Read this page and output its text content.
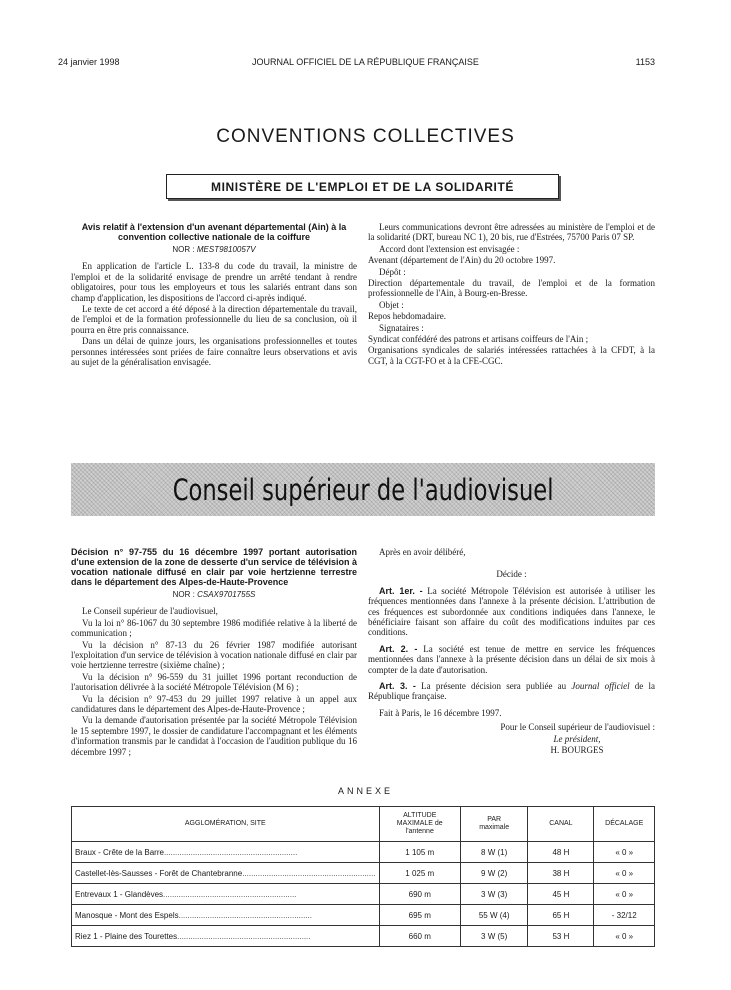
24 janvier 1998	JOURNAL OFFICIEL DE LA RÉPUBLIQUE FRANÇAISE	1153
CONVENTIONS COLLECTIVES
MINISTÈRE DE L'EMPLOI ET DE LA SOLIDARITÉ

Avis relatif à l'extension d'un avenant départemental (Ain) à la convention collective nationale de la coiffure

NOR : MEST9810057V

En application de l'article L. 133-8 du code du travail, la ministre de l'emploi et de la solidarité envisage de prendre un arrêté tendant à rendre obligatoires, pour tous les employeurs et tous les salariés entrant dans son champ d'application, les dispositions de l'accord ci-après indiqué.

Le texte de cet accord a été déposé à la direction départementale du travail, de l'emploi et de la formation professionnelle du lieu de sa conclusion, où il pourra en être pris connaissance.

Dans un délai de quinze jours, les organisations professionnelles et toutes personnes intéressées sont priées de faire connaître leurs observations et avis au sujet de la généralisation envisagée.

Leurs communications devront être adressées au ministère de l'emploi et de la solidarité (DRT, bureau NC 1), 20 bis, rue d'Estrées, 75700 Paris 07 SP.

Accord dont l'extension est envisagée :

Avenant (département de l'Ain) du 20 octobre 1997.

Dépôt :

Direction départementale du travail, de l'emploi et de la formation professionnelle de l'Ain, à Bourg-en-Bresse.

Objet :

Repos hebdomadaire.

Signataires :

Syndicat confédéré des patrons et artisans coiffeurs de l'Ain ;

Organisations syndicales de salariés intéressées rattachées à la CFDT, à la CGT, à la CGT-FO et à la CFE-CGC.

Conseil supérieur de l'audiovisuel

Décision n° 97-755 du 16 décembre 1997 portant autorisation d'une extension de la zone de desserte d'un service de télévision à vocation nationale diffusé en clair par voie hertzienne terrestre dans le département des Alpes-de-Haute-Provence

NOR : CSAX9701755S

Le Conseil supérieur de l'audiovisuel,

Vu la loi n° 86-1067 du 30 septembre 1986 modifiée relative à la liberté de communication ;

Vu la décision n° 87-13 du 26 février 1987 modifiée autorisant l'exploitation d'un service de télévision à vocation nationale diffusé en clair par voie hertzienne terrestre (sixième chaîne) ;

Vu la décision n° 96-559 du 31 juillet 1996 portant reconduction de l'autorisation délivrée à la société Métropole Télévision (M 6) ;

Vu la décision n° 97-453 du 29 juillet 1997 relative à un appel aux candidatures dans le département des Alpes-de-Haute-Provence ;

Vu la demande d'autorisation présentée par la société Métropole Télévision le 15 septembre 1997, le dossier de candidature l'accompagnant et les éléments d'information transmis par le candidat à l'occasion de l'audition publique du 16 décembre 1997 ;

Après en avoir délibéré,

Décide :

Art. 1er. - La société Métropole Télévision est autorisée à utiliser les fréquences mentionnées dans l'annexe à la présente décision. L'attribution de ces fréquences est subordonnée aux conditions indiquées dans l'annexe, le bénéficiaire faisant son affaire du coût des modifications induites par ces conditions.

Art. 2. - La société est tenue de mettre en service les fréquences mentionnées dans l'annexe à la présente décision dans un délai de six mois à compter de la date d'autorisation.

Art. 3. - La présente décision sera publiée au Journal officiel de la République française.

Fait à Paris, le 16 décembre 1997.

Pour le Conseil supérieur de l'audiovisuel :

Le président,

H. BOURGES

ANNEXE
AGGLOMÉRATION, SITE	ALTITUDE MAXIMALE de l'antenne	PAR maximale	CANAL	DÉCALAGE
Braux - Crête de la Barre............................................................	1 105 m	8 W (1)	48 H	« 0 »
Castellet-lès-Sausses - Forêt de Chantebranne............................................................	1 025 m	9 W (2)	38 H	« 0 »
Entrevaux 1 - Glandèves............................................................	690 m	3 W (3)	45 H	« 0 »
Manosque - Mont des Espels............................................................	695 m	55 W (4)	65 H	- 32/12
Riez 1 - Plaine des Tourettes............................................................	660 m	3 W (5)	53 H	« 0 »
